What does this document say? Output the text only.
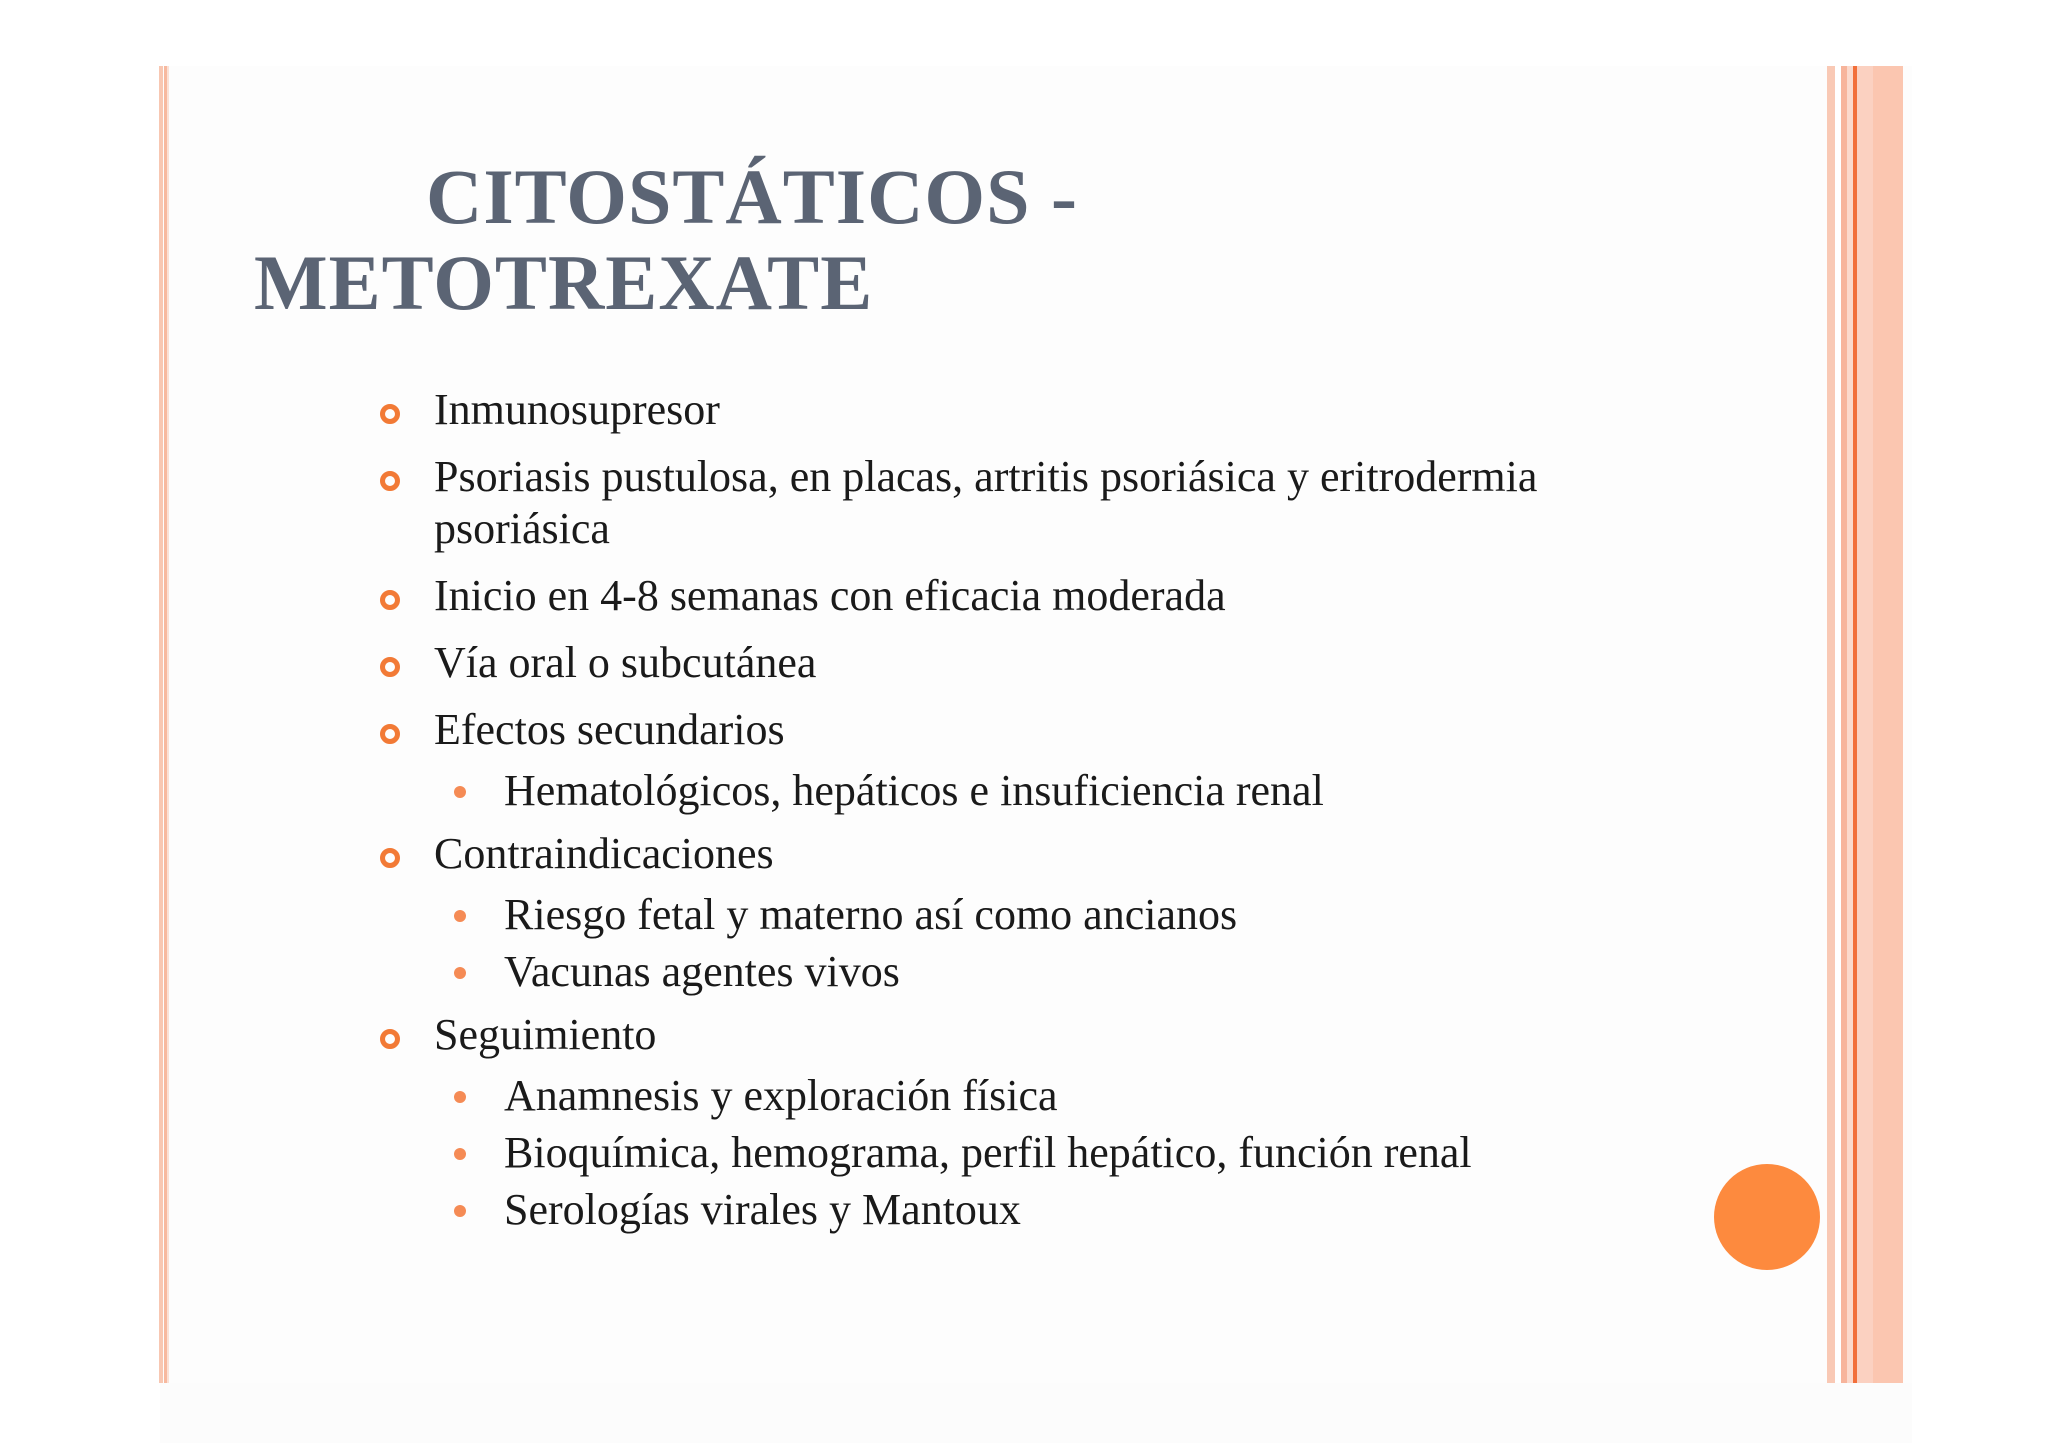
CITOSTÁTICOS -
METOTREXATE
Inmunosupresor
Psoriasis pustulosa, en placas, artritis psoriásica y eritrodermia psoriásica
Inicio en 4-8 semanas con eficacia moderada
Vía oral o subcutánea
Efectos secundarios
Hematológicos, hepáticos e insuficiencia renal
Contraindicaciones
Riesgo fetal y materno así como ancianos
Vacunas agentes vivos
Seguimiento
Anamnesis y exploración física
Bioquímica, hemograma, perfil hepático, función renal
Serologías virales y Mantoux
